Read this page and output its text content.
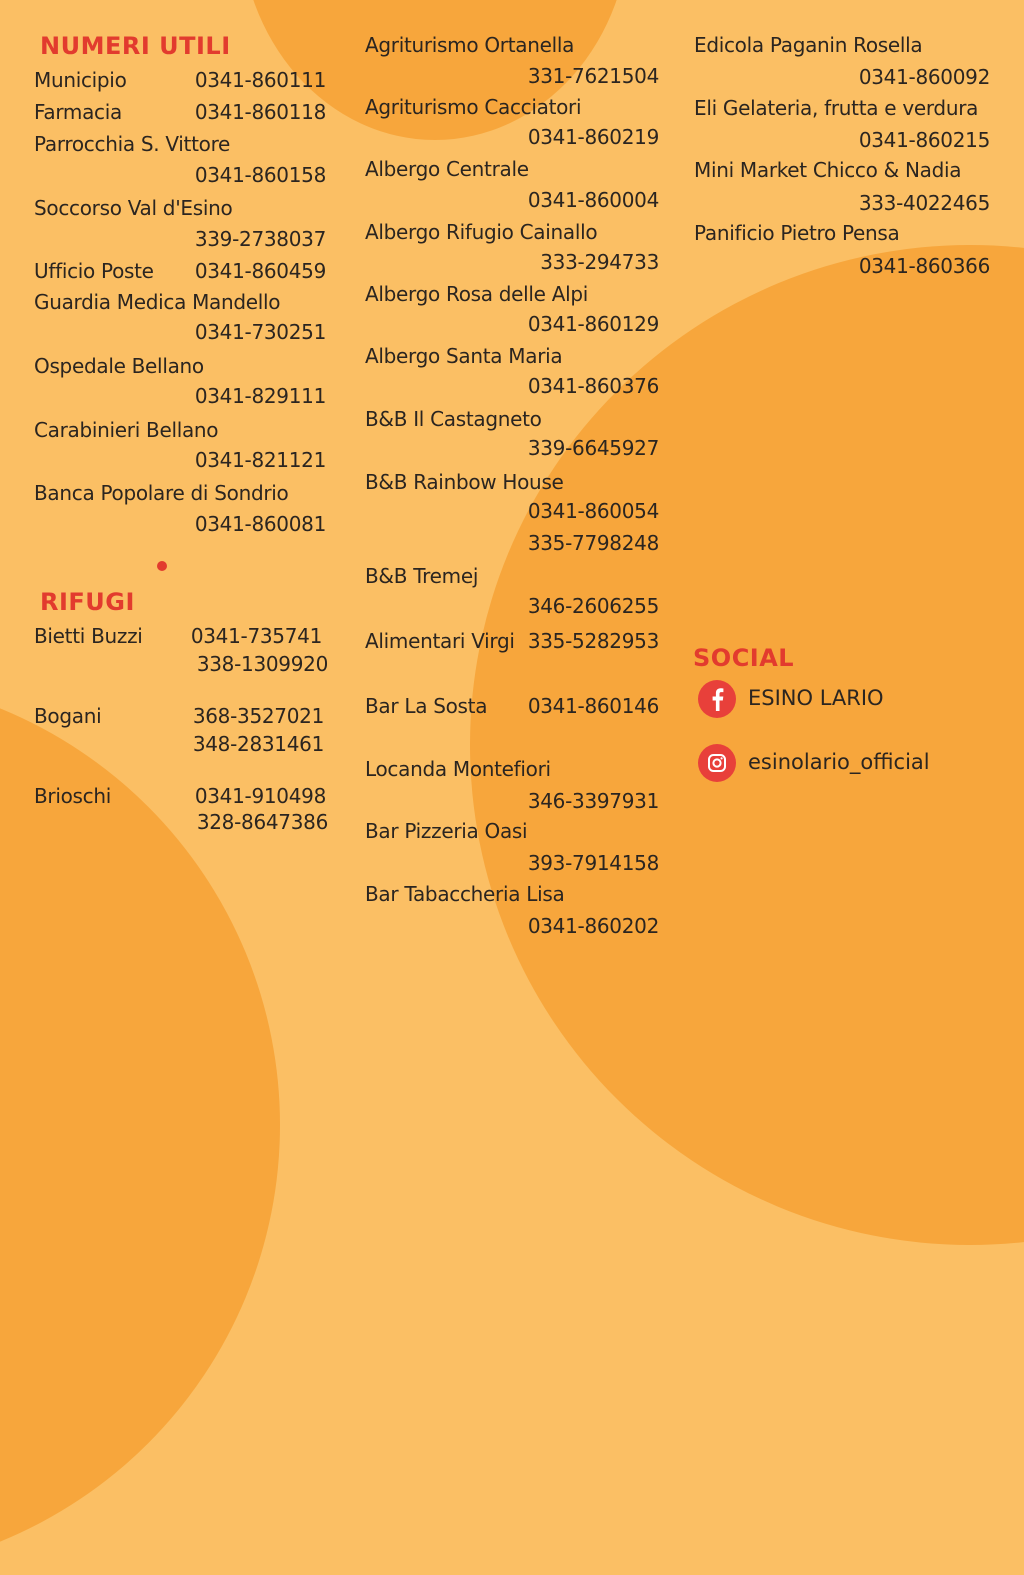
NUMERI UTILI
Municipio	0341-860111
Farmacia	0341-860118
Parrocchia S. Vittore
0341-860158
Soccorso Val d'Esino
339-2738037
Ufficio Poste 0341-860459
Guardia Medica Mandello
0341-730251
Ospedale Bellano
0341-829111
Carabinieri Bellano
0341-821121
Banca Popolare di Sondrio
0341-860081
RIFUGI
Bietti Buzzi 0341-735741
338-1309920
Bogani	368-3527021
348-2831461
Brioschi	0341-910498
328-8647386
Agriturismo Ortanella
331-7621504
Agriturismo Cacciatori
0341-860219
Albergo Centrale
0341-860004
Albergo Rifugio Cainallo
333-294733
Albergo Rosa delle Alpi
0341-860129
Albergo Santa Maria
0341-860376
B&B Il Castagneto
339-6645927
B&B Rainbow House
0341-860054
335-7798248
B&B Tremej
346-2606255
Alimentari Virgi 335-5282953
Bar La Sosta 0341-860146
Locanda Montefiori
346-3397931
Bar Pizzeria Oasi
393-7914158
Bar Tabaccheria Lisa
0341-860202
Edicola Paganin Rosella
0341-860092
Eli Gelateria, frutta e verdura
0341-860215
Mini Market Chicco & Nadia
333-4022465
Panificio Pietro Pensa
0341-860366
SOCIAL
ESINO LARIO
esinolario_official
